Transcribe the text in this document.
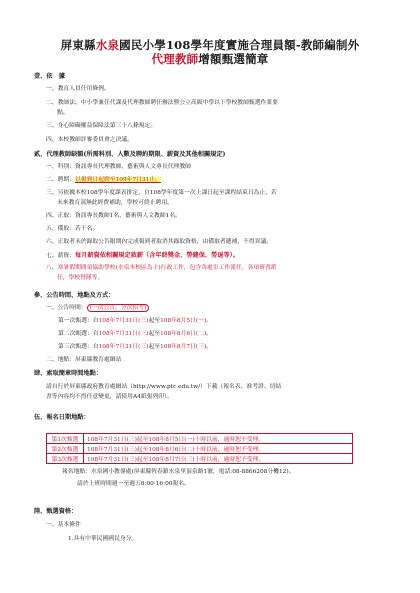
屏東縣水泉國民小學108學年度實施合理員額-教師編制外
代理教師增額甄選簡章
壹、依　據
一、教育人員任用條例。
二、教師法、中小學兼任代課及代理教師聘任辦法暨公立高級中學以下學校教師甄選作業要
點。
三、身心障礙權益保障法第三十八條規定。
四、本校教師評審委員會之決議。
貳、代理教師缺額(所需科別、人數及聘約期限、薪資及其他相關規定)
一、科別：資訊專長代理教師、藝術與人文專長代理教師
二、聘期：以報到日起聘至109年7月31止。
三、另依據本校108學年度課表排定，自108學年度第一次上課日起至課程結束日為止，若
未來教育部無此經費補助，學校可終止聘用。
四、正取：資訊專長教師1名，藝術與人文教師1名。
五、備取：若干名。
六、正取者未於錄取公告限期內完成報到者取消其錄取資格，由備取者遞補，不得異議。
七、薪資：每月薪資依相關規定敘薪（含年終獎金、勞健保、勞退等）。
八、寒暑假期間須協助學校(水泉本校區為主)行政工作，包含各處室工作派任，各項研習派
任，學校營隊等。
參、公告時間、地點及方式：
一、公告時間： (一次公告，分次招考)
第一次甄選：自108年7月31日(三)起至108年8月5日(一)。
第二次甄選：自108年7月31日(三)起至108年8月6日(二)。
第三次甄選：自108年7月31日(三)起至108年8月7日(三)。
二、地點：屏東縣教育處網站
肆、索取簡章時間地點：
請自行於屏東縣政府教育處網站（http://www.ptc.edu.tw/）下載（報名表、准考證、切結
書等內容均不得任意變更，請使用A4紙張列印）。
伍、報名日期地點：
第1次甄選	108年7月31日(三)起至108年8月5日(一)十時以前，逾時恕不受理。
第2次甄選	108年7月31日(三)起至108年8月6日(二)十時以前，逾時恕不受理。
第3次甄選	108年7月31日(三)起至108年8月7日(三)十時以前，逾時恕不受理。
報名地點：水泉國小教導處(屏東縣恆春鎮水泉里頂泉路1號，電話:08-8866208分機12)。
請於上班時間週一至週五8:00-16:00報名。
陸、甄選資格：
一、基本條件
1.具有中華民國國民身分。
